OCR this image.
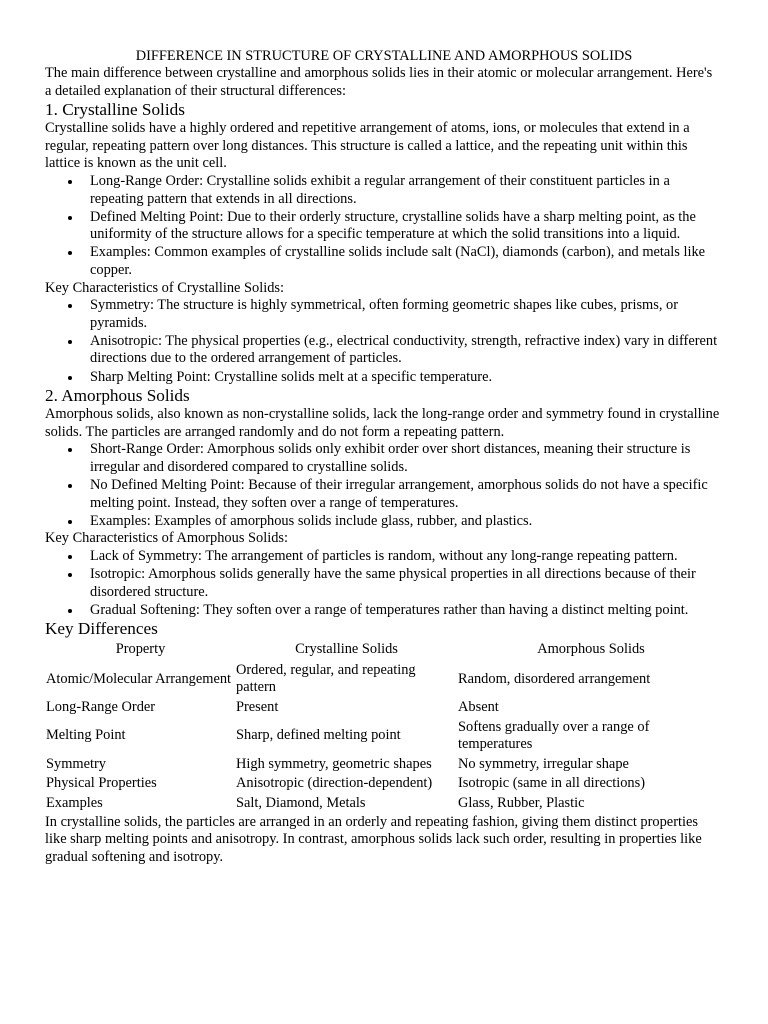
DIFFERENCE IN STRUCTURE OF CRYSTALLINE AND AMORPHOUS SOLIDS

The main difference between crystalline and amorphous solids lies in their atomic or molecular arrangement. Here's a detailed explanation of their structural differences:

1. Crystalline Solids

Crystalline solids have a highly ordered and repetitive arrangement of atoms, ions, or molecules that extend in a regular, repeating pattern over long distances. This structure is called a lattice, and the repeating unit within this lattice is known as the unit cell.

Long-Range Order: Crystalline solids exhibit a regular arrangement of their constituent particles in a repeating pattern that extends in all directions.
Defined Melting Point: Due to their orderly structure, crystalline solids have a sharp melting point, as the uniformity of the structure allows for a specific temperature at which the solid transitions into a liquid.
Examples: Common examples of crystalline solids include salt (NaCl), diamonds (carbon), and metals like copper.

Key Characteristics of Crystalline Solids:

Symmetry: The structure is highly symmetrical, often forming geometric shapes like cubes, prisms, or pyramids.
Anisotropic: The physical properties (e.g., electrical conductivity, strength, refractive index) vary in different directions due to the ordered arrangement of particles.
Sharp Melting Point: Crystalline solids melt at a specific temperature.
2. Amorphous Solids

Amorphous solids, also known as non-crystalline solids, lack the long-range order and symmetry found in crystalline solids. The particles are arranged randomly and do not form a repeating pattern.

Short-Range Order: Amorphous solids only exhibit order over short distances, meaning their structure is irregular and disordered compared to crystalline solids.
No Defined Melting Point: Because of their irregular arrangement, amorphous solids do not have a specific melting point. Instead, they soften over a range of temperatures.
Examples: Examples of amorphous solids include glass, rubber, and plastics.

Key Characteristics of Amorphous Solids:

Lack of Symmetry: The arrangement of particles is random, without any long-range repeating pattern.
Isotropic: Amorphous solids generally have the same physical properties in all directions because of their disordered structure.
Gradual Softening: They soften over a range of temperatures rather than having a distinct melting point.
Key Differences
Property	Crystalline Solids	Amorphous Solids
Atomic/Molecular Arrangement	Ordered, regular, and repeating pattern	Random, disordered arrangement
Long-Range Order	Present	Absent
Melting Point	Sharp, defined melting point	Softens gradually over a range of temperatures
Symmetry	High symmetry, geometric shapes	No symmetry, irregular shape
Physical Properties	Anisotropic (direction-dependent)	Isotropic (same in all directions)
Examples	Salt, Diamond, Metals	Glass, Rubber, Plastic

In crystalline solids, the particles are arranged in an orderly and repeating fashion, giving them distinct properties like sharp melting points and anisotropy. In contrast, amorphous solids lack such order, resulting in properties like gradual softening and isotropy.
